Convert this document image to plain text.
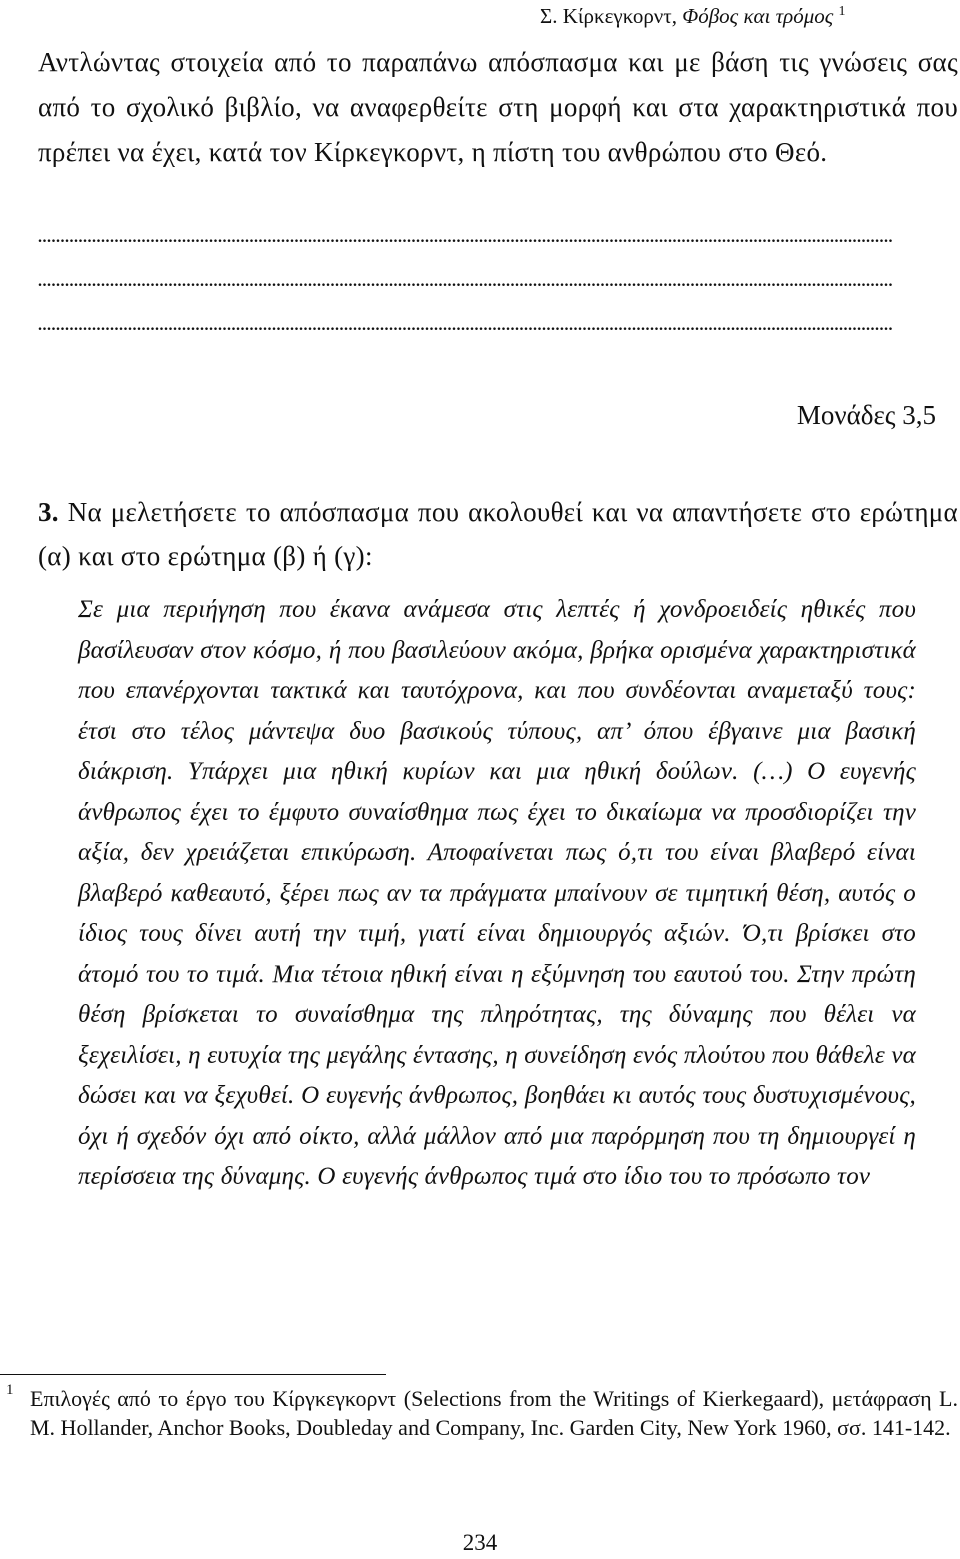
Σ. Κίρκεγκορντ, Φόβος και τρόμος $^1$
Αντλώντας στοιχεία από το παραπάνω απόσπασμα και με βάση τις γνώσεις σας από το σχολικό βιβλίο, να αναφερθείτε στη μορφή και στα χαρακτηριστικά που πρέπει να έχει, κατά τον Κίρκεγκορντ, η πίστη του ανθρώπου στο Θεό.
..............................................................................................................................................................................................
..............................................................................................................................................................................................
..............................................................................................................................................................................................
Μονάδες 3,5
3. Να μελετήσετε το απόσπασμα που ακολουθεί και να απαντήσετε στο ερώτημα (α) και στο ερώτημα (β) ή (γ):
Σε μια περιήγηση που έκανα ανάμεσα στις λεπτές ή χονδροειδείς ηθικές που βασίλευσαν στον κόσμο, ή που βασιλεύουν ακόμα, βρήκα ορισμένα χαρακτηριστικά που επανέρχονται τακτικά και ταυτόχρονα, και που συνδέονται αναμεταξύ τους: έτσι στο τέλος μάντεψα δυο βασικούς τύπους, απ’ όπου έβγαινε μια βασική διάκριση. Υπάρχει μια ηθική κυρίων και μια ηθική δούλων. (…) Ο ευγενής άνθρωπος έχει το έμφυτο συναίσθημα πως έχει το δικαίωμα να προσδιορίζει την αξία, δεν χρειάζεται επικύρωση. Αποφαίνεται πως ό,τι του είναι βλαβερό είναι βλαβερό καθεαυτό, ξέρει πως αν τα πράγματα μπαίνουν σε τιμητική θέση, αυτός ο ίδιος τους δίνει αυτή την τιμή, γιατί είναι δημιουργός αξιών. Ό,τι βρίσκει στο άτομό του το τιμά. Μια τέτοια ηθική είναι η εξύμνηση του εαυτού του. Στην πρώτη θέση βρίσκεται το συναίσθημα της πληρότητας, της δύναμης που θέλει να ξεχειλίσει, η ευτυχία της μεγάλης έντασης, η συνείδηση ενός πλούτου που θάθελε να δώσει και να ξεχυθεί. Ο ευγενής άνθρωπος, βοηθάει κι αυτός τους δυστυχισμένους, όχι ή σχεδόν όχι από οίκτο, αλλά μάλλον από μια παρόρμηση που τη δημιουργεί η περίσσεια της δύναμης. Ο ευγενής άνθρωπος τιμά στο ίδιο του το πρόσωπο τον
1 Επιλογές από το έργο του Κίργκεγκορντ (Selections from the Writings of Kierkegaard), μετάφραση L. M. Hollander, Anchor Books, Doubleday and Company, Inc. Garden City, New York 1960, σσ. 141-142.
234
